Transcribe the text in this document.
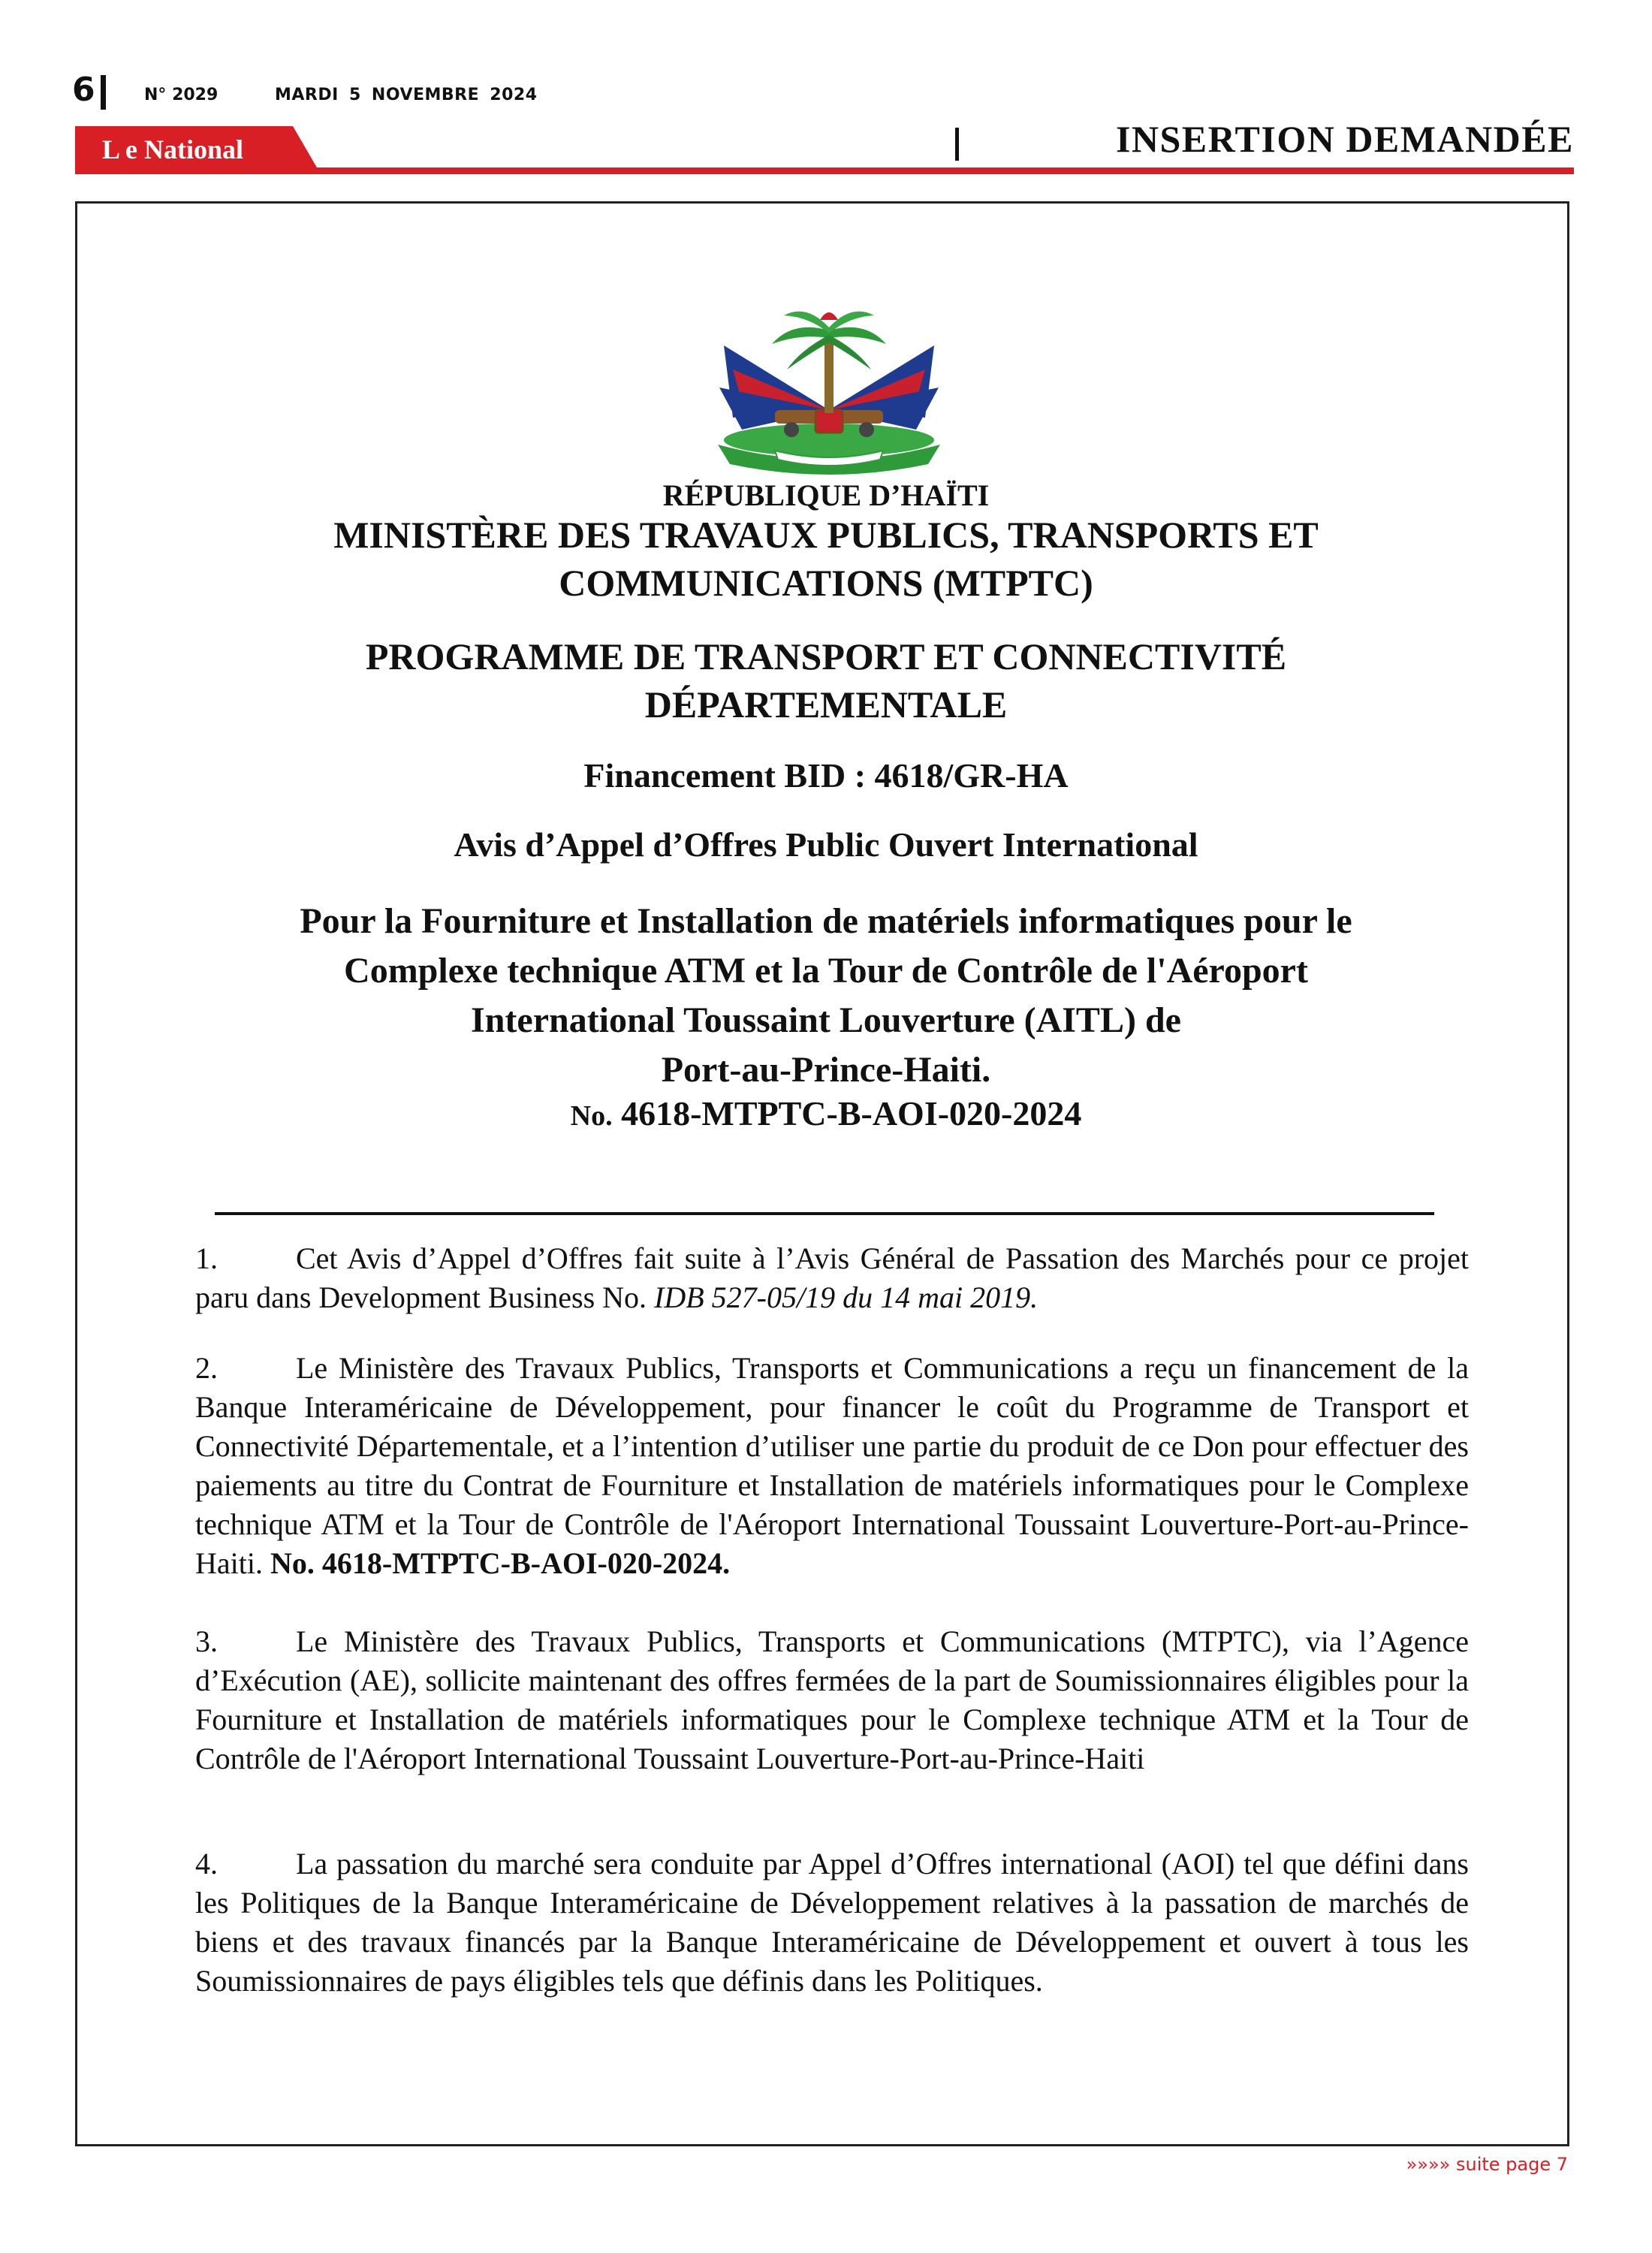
6	N° 2029	MARDI 5 NOVEMBRE 2024
L e National	INSERTION DEMANDÉE
RÉPUBLIQUE D’HAÏTI
MINISTÈRE DES TRAVAUX PUBLICS, TRANSPORTS ET
COMMUNICATIONS (MTPTC)
PROGRAMME DE TRANSPORT ET CONNECTIVITÉ
DÉPARTEMENTALE
Financement BID : 4618/GR-HA
Avis d’Appel d’Offres Public Ouvert International
Pour la Fourniture et Installation de matériels informatiques pour le
Complexe technique ATM et la Tour de Contrôle de l'Aéroport
International Toussaint Louverture (AITL) de
Port-au-Prince-Haiti.
No. 4618-MTPTC-B-AOI-020-2024

1.	Cet Avis d’Appel d’Offres fait suite à l’Avis Général de Passation des Marchés pour ce projet paru dans Development Business No. IDB 527-05/19 du 14 mai 2019.

2.	Le Ministère des Travaux Publics, Transports et Communications a reçu un financement de la Banque Interaméricaine de Développement, pour financer le coût du Programme de Transport et Connectivité Départementale, et a l’intention d’utiliser une partie du produit de ce Don pour effectuer des paiements au titre du Contrat de Fourniture et Installation de matériels informatiques pour le Complexe technique ATM et la Tour de Contrôle de l'Aéroport International Toussaint Louverture-Port-au-Prince-Haiti. No. 4618-MTPTC-B-AOI-020-2024.

3.	Le Ministère des Travaux Publics, Transports et Communications (MTPTC), via l’Agence d’Exécution (AE), sollicite maintenant des offres fermées de la part de Soumissionnaires éligibles pour la Fourniture et Installation de matériels informatiques pour le Complexe technique ATM et la Tour de Contrôle de l'Aéroport International Toussaint Louverture-Port-au-Prince-Haiti

4.	La passation du marché sera conduite par Appel d’Offres international (AOI) tel que défini dans les Politiques de la Banque Interaméricaine de Développement relatives à la passation de marchés de biens et des travaux financés par la Banque Interaméricaine de Développement et ouvert à tous les Soumissionnaires de pays éligibles tels que définis dans les Politiques.

»»»» suite page 7
